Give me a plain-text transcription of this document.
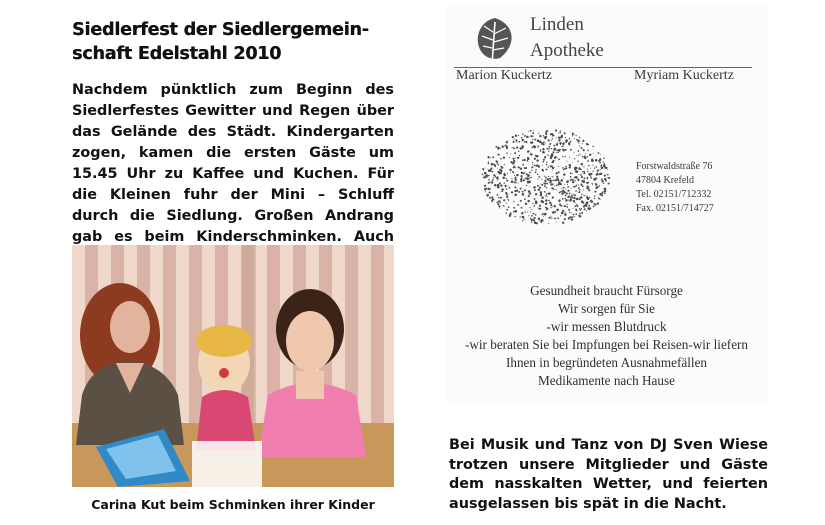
Siedlerfest der Siedlergemein-
schaft Edelstahl 2010
Nachdem pünktlich zum Beginn des Siedlerfestes Gewitter und Regen über das Gelände des Städt. Kindergarten zogen, kamen die ersten Gäste um 15.45 Uhr zu Kaffee und Kuchen. Für die Kleinen fuhr der Mini – Schluff durch die Siedlung. Großen Andrang gab es beim Kinderschminken. Auch
Carina Kut beim Schminken ihrer Kinder
Linden
Apotheke
Marion Kuckertz	Myriam Kuckertz
Forstwaldstraße 76
47804 Krefeld
Tel. 02151/712332
Fax. 02151/714727
Gesundheit braucht Fürsorge
Wir sorgen für Sie
-wir messen Blutdruck
-wir beraten Sie bei Impfungen bei Reisen-wir liefern
Ihnen in begründeten Ausnahmefällen
Medikamente nach Hause
Bei Musik und Tanz von DJ Sven Wiese trotzen unsere Mitglieder und Gäste dem nasskalten Wetter, und feierten ausgelassen bis spät in die Nacht.
